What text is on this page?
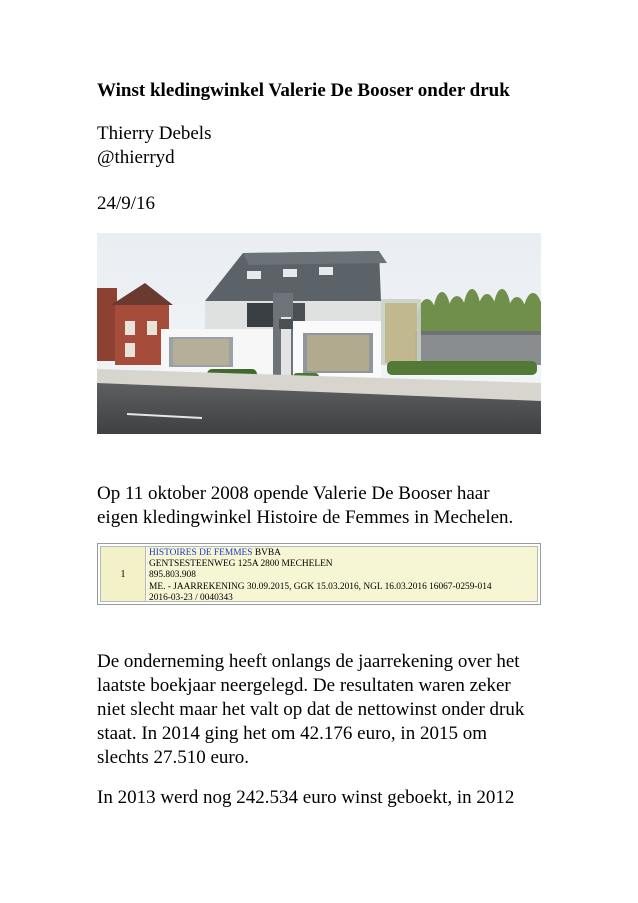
Winst kledingwinkel Valerie De Booser onder druk
Thierry Debels
@thierryd
24/9/16
Op 11 oktober 2008 opende Valerie De Booser haar
eigen kledingwinkel Histoire de Femmes in Mechelen.
1
HISTOIRES DE FEMMES BVBA
GENTSESTEENWEG 125A 2800 MECHELEN
895.803.908
ME. - JAARREKENING 30.09.2015, GGK 15.03.2016, NGL 16.03.2016 16067-0259-014
2016-03-23 / 0040343
De onderneming heeft onlangs de jaarrekening over het
laatste boekjaar neergelegd. De resultaten waren zeker
niet slecht maar het valt op dat de nettowinst onder druk
staat. In 2014 ging het om 42.176 euro, in 2015 om
slechts 27.510 euro.
In 2013 werd nog 242.534 euro winst geboekt, in 2012
